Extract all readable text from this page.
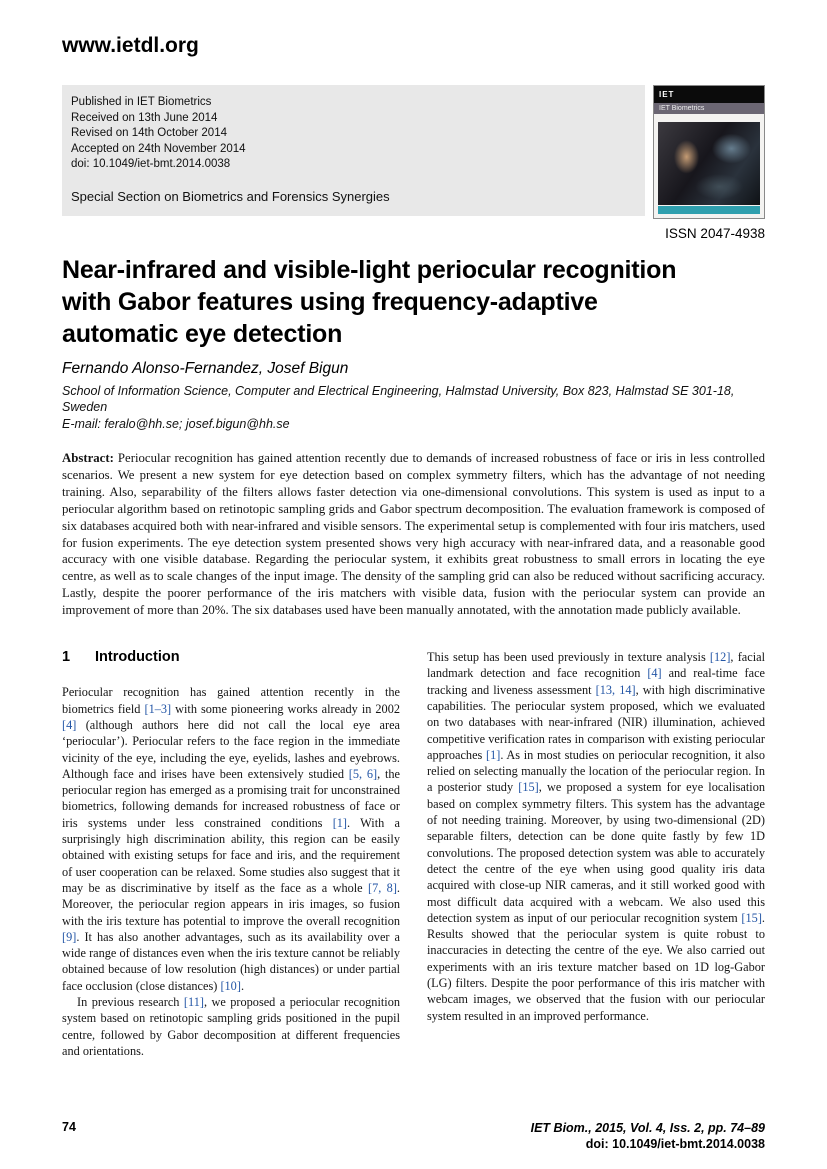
www.ietdl.org
Published in IET Biometrics
Received on 13th June 2014
Revised on 14th October 2014
Accepted on 24th November 2014
doi: 10.1049/iet-bmt.2014.0038
Special Section on Biometrics and Forensics Synergies
IET
IET Biometrics
ISSN 2047-4938
Near-infrared and visible-light periocular recognition
with Gabor features using frequency-adaptive
automatic eye detection
Fernando Alonso-Fernandez, Josef Bigun
School of Information Science, Computer and Electrical Engineering, Halmstad University, Box 823, Halmstad SE 301-18, Sweden
E-mail: feralo@hh.se; josef.bigun@hh.se

Abstract: Periocular recognition has gained attention recently due to demands of increased robustness of face or iris in less controlled scenarios. We present a new system for eye detection based on complex symmetry filters, which has the advantage of not needing training. Also, separability of the filters allows faster detection via one-dimensional convolutions. This system is used as input to a periocular algorithm based on retinotopic sampling grids and Gabor spectrum decomposition. The evaluation framework is composed of six databases acquired both with near-infrared and visible sensors. The experimental setup is complemented with four iris matchers, used for fusion experiments. The eye detection system presented shows very high accuracy with near-infrared data, and a reasonable good accuracy with one visible database. Regarding the periocular system, it exhibits great robustness to small errors in locating the eye centre, as well as to scale changes of the input image. The density of the sampling grid can also be reduced without sacrificing accuracy. Lastly, despite the poorer performance of the iris matchers with visible data, fusion with the periocular system can provide an improvement of more than 20%. The six databases used have been manually annotated, with the annotation made publicly available.

1	Introduction

Periocular recognition has gained attention recently in the biometrics field [1–3] with some pioneering works already in 2002 [4] (although authors here did not call the local eye area ‘periocular’). Periocular refers to the face region in the immediate vicinity of the eye, including the eye, eyelids, lashes and eyebrows. Although face and irises have been extensively studied [5, 6], the periocular region has emerged as a promising trait for unconstrained biometrics, following demands for increased robustness of face or iris systems under less constrained conditions [1]. With a surprisingly high discrimination ability, this region can be easily obtained with existing setups for face and iris, and the requirement of user cooperation can be relaxed. Some studies also suggest that it may be as discriminative by itself as the face as a whole [7, 8]. Moreover, the periocular region appears in iris images, so fusion with the iris texture has potential to improve the overall recognition [9]. It has also another advantages, such as its availability over a wide range of distances even when the iris texture cannot be reliably obtained because of low resolution (high distances) or under partial face occlusion (close distances) [10].

In previous research [11], we proposed a periocular recognition system based on retinotopic sampling grids positioned in the pupil centre, followed by Gabor decomposition at different frequencies and orientations.

This setup has been used previously in texture analysis [12], facial landmark detection and face recognition [4] and real-time face tracking and liveness assessment [13, 14], with high discriminative capabilities. The periocular system proposed, which we evaluated on two databases with near-infrared (NIR) illumination, achieved competitive verification rates in comparison with existing periocular approaches [1]. As in most studies on periocular recognition, it also relied on selecting manually the location of the periocular region. In a posterior study [15], we proposed a system for eye localisation based on complex symmetry filters. This system has the advantage of not needing training. Moreover, by using two-dimensional (2D) separable filters, detection can be done quite fastly by few 1D convolutions. The proposed detection system was able to accurately detect the centre of the eye when using good quality iris data acquired with close-up NIR cameras, and it still worked good with most difficult data acquired with a webcam. We also used this detection system as input of our periocular recognition system [15]. Results showed that the periocular system is quite robust to inaccuracies in detecting the centre of the eye. We also carried out experiments with an iris texture matcher based on 1D log-Gabor (LG) filters. Despite the poor performance of this iris matcher with webcam images, we observed that the fusion with our periocular system resulted in an improved performance.

74	IET Biom., 2015, Vol. 4, Iss. 2, pp. 74–89
doi: 10.1049/iet-bmt.2014.0038
